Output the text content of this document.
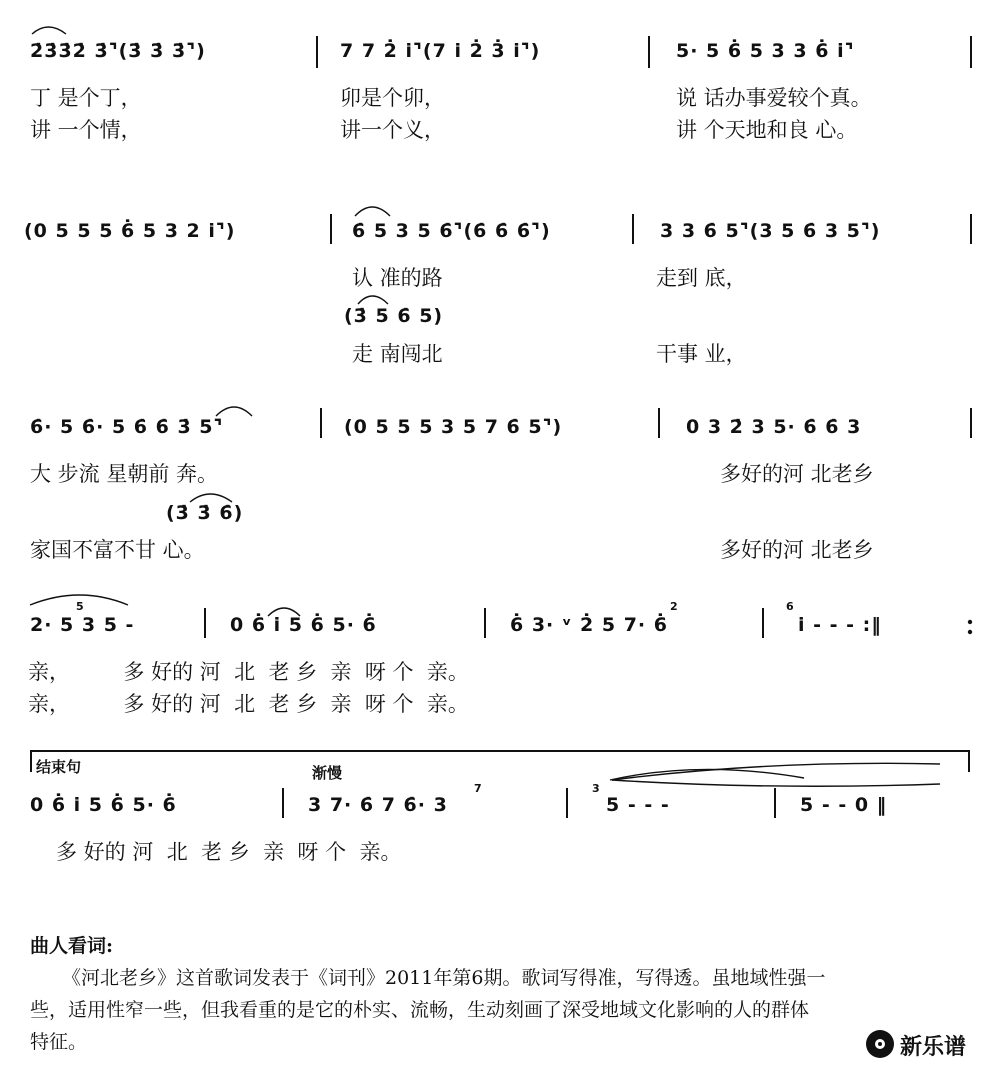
2̇3̇3̇2̇ 3̇⌝(3̇ 3̇ 3̇⌝)	7 7 2̇ i⌝(7 i 2̇ 3̇ i⌝)	5· 5 6̇ 5 3 3 6̇ i⌝
丁 是个丁，	卯是个卯，	说 话办事爱较个真。
讲 一个情，	讲一个义，	讲 个天地和良 心。
(0 5 5 5 6̇ 5 3 2 i⌝)	6̇ 5 3 5 6̇⌝(6̇ 6̇ 6̇⌝)	3 3 6̇ 5⌝(3 5 6̇ 3 5⌝)
认 准的路	走到 底，
(3̇ 5 6̇ 5)
走 南闯北	干事 业，
6̇· 5 6̇· 5 6̇ 6̇ 3̇ 5⌝	(0 5 5 5 3 5 7 6̇ 5⌝)	0 3 2̇ 3 5· 6̇ 6̇ 3
大 步流 星朝前 奔。	多好的河 北老乡
(3̇ 3̇ 6̇)
家国不富不甘 心。	多好的河 北老乡
5
2· 5 3 5 -	0 6̇ i 5 6̇ 5· 6̇
2
6̇ 3· ᵛ 2̇ 5 7· 6̇
6
i - - - :‖
亲，        多 好的 河  北  老 乡  亲  呀 个  亲。
亲，        多 好的 河  北  老 乡  亲  呀 个  亲。
结束句	渐慢
0 6̇ i 5 6̇ 5· 6̇
7
3 7· 6̇ 7 6̇· 3
3
5 - - -	5 - - 0 ‖
多 好的 河  北  老 乡  亲  呀 个  亲。
曲人看词:
《河北老乡》这首歌词发表于《词刊》2011年第6期。歌词写得准，写得透。虽地域性强一
些，适用性窄一些，但我看重的是它的朴实、流畅，生动刻画了深受地域文化影响的人的群体
特征。	新乐谱
